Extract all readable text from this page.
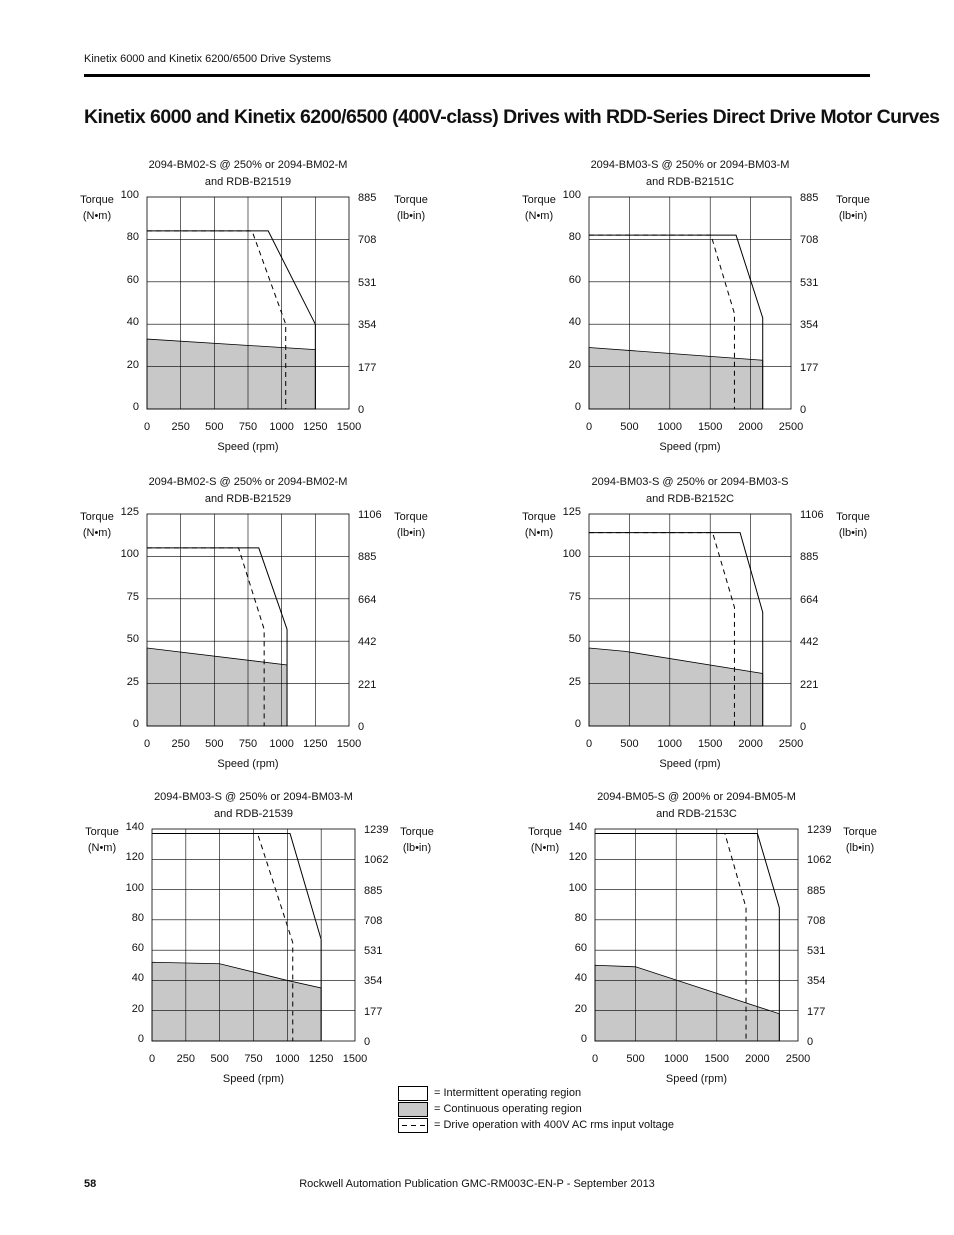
Kinetix 6000 and Kinetix 6200/6500 Drive Systems
Kinetix 6000 and Kinetix 6200/6500 (400V-class) Drives with RDD-Series Direct Drive Motor Curves
2094-BM02-S @ 250% or 2094-BM02-M
and RDB-B21519
Torque
(N•m)
Torque
(lb•in)
0
20
40
60
80
100
0
177
354
531
708
885
0	250	500	750	1000 1250 1500
Speed (rpm)
2094-BM03-S @ 250% or 2094-BM03-M
and RDB-B2151C
Torque
(N•m)
Torque
(lb•in)
0
20
40
60
80
100
0
177
354
531
708
885
0	500	1000	1500	2000	2500
Speed (rpm)
2094-BM02-S @ 250% or 2094-BM02-M
and RDB-B21529
Torque
(N•m)
Torque
(lb•in)
0
25
50
75
100
125
0
221
442
664
885
1106
0	250	500	750	1000 1250 1500
Speed (rpm)
2094-BM03-S @ 250% or 2094-BM03-S
and RDB-B2152C
Torque
(N•m)
Torque
(lb•in)
0
25
50
75
100
125
0
221
442
664
885
1106
0	500	1000	1500	2000	2500
Speed (rpm)
2094-BM03-S @ 250% or 2094-BM03-M
and RDB-21539
Torque
(N•m)
Torque
(lb•in)
0
20
40
60
80
100
120
140
0
177
354
531
708
885
1062
1239
0	250	500	750	1000 1250 1500
Speed (rpm)
2094-BM05-S @ 200% or 2094-BM05-M
and RDB-2153C
Torque
(N•m)
Torque
(lb•in)
0
20
40
60
80
100
120
140
0
177
354
531
708
885
1062
1239
0	500	1000	1500	2000	2500
Speed (rpm)
= Intermittent operating region
= Continuous operating region
= Drive operation with 400V AC rms input voltage
58	Rockwell Automation Publication GMC-RM003C-EN-P - September 2013
